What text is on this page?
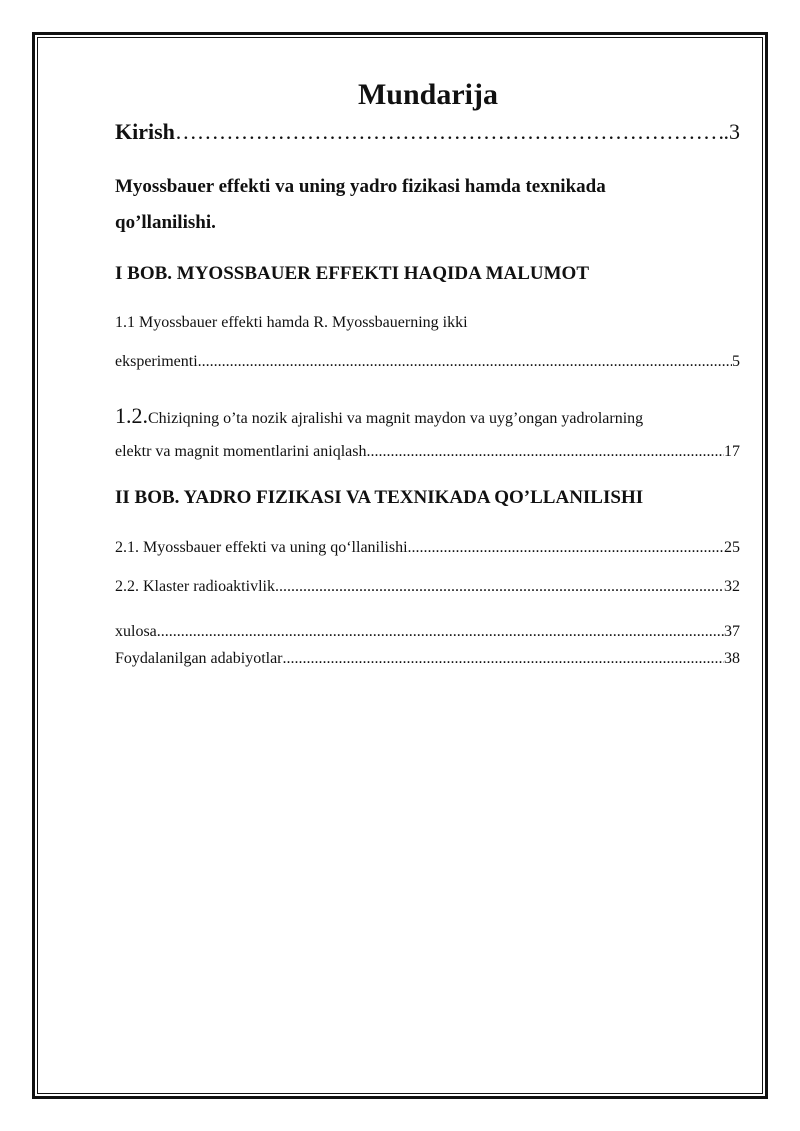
Mundarija
Kirish …………………………………………………………………………………………………………………………………………………	.3
Myossbauer effekti va uning yadro fizikasi hamda texnikada
qo’llanilishi.
I BOB. MYOSSBAUER EFFEKTI HAQIDA MALUMOT
1.1 Myossbauer effekti hamda R. Myossbauerning ikki
eksperimenti .....	5
1.2.Chiziqning o’ta nozik ajralishi va magnit maydon va uyg’ongan yadrolarning
elektr va magnit momentlarini aniqlash .....	17
II BOB. YADRO FIZIKASI VA TEXNIKADA QO’LLANILISHI
2.1. Myossbauer effekti va uning qo‘llanilishi .....	25
2.2. Klaster radioaktivlik .....	32
xulosa .....	37
Foydalanilgan adabiyotlar .....	38
